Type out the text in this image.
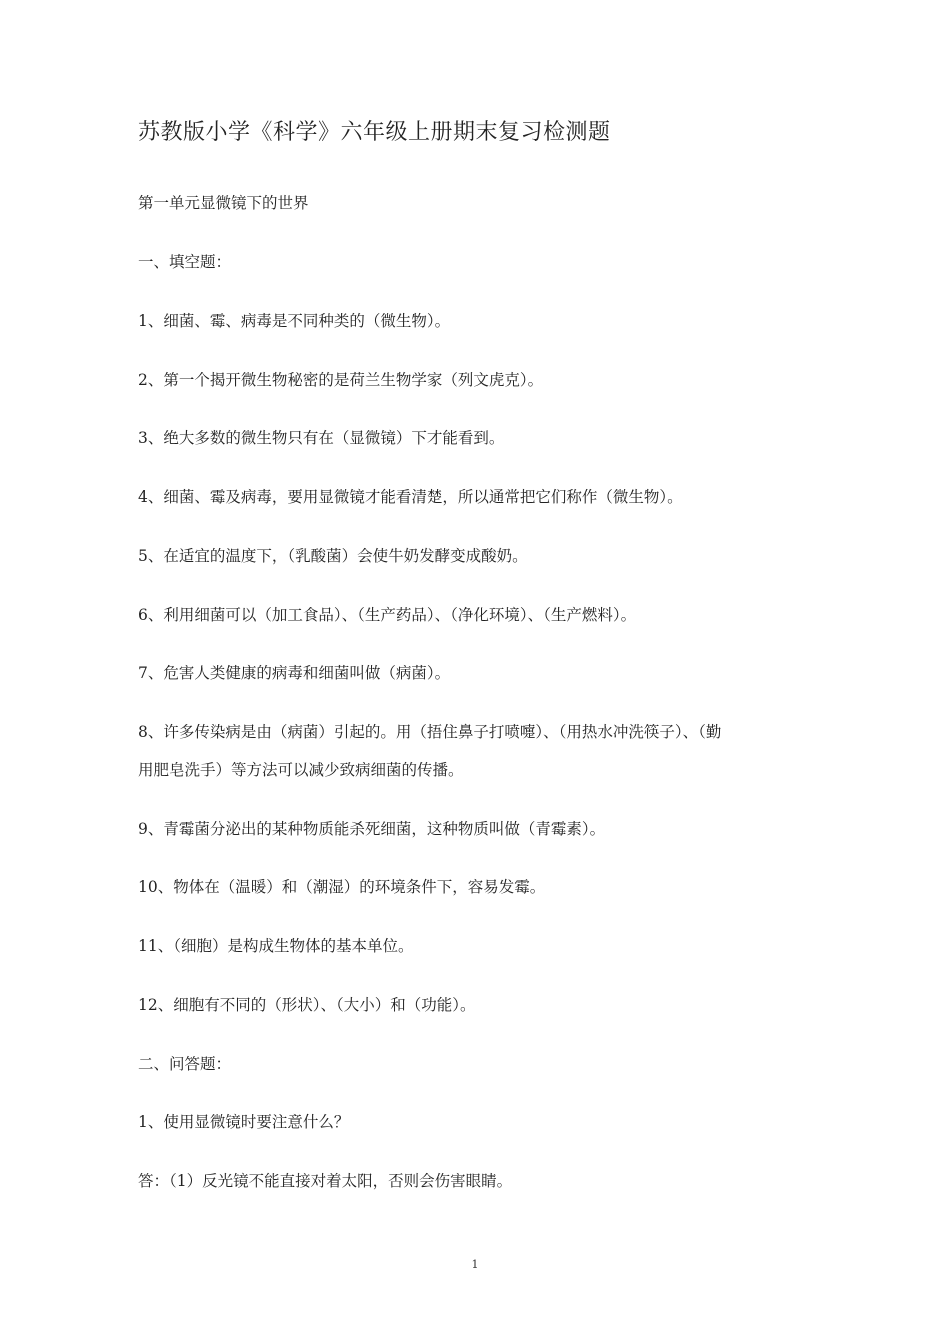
苏教版小学《科学》六年级上册期末复习检测题

第一单元显微镜下的世界

一、填空题：

1、细菌、霉、病毒是不同种类的（微生物）。

2、第一个揭开微生物秘密的是荷兰生物学家（列文虎克）。

3、绝大多数的微生物只有在（显微镜）下才能看到。

4、细菌、霉及病毒，要用显微镜才能看清楚，所以通常把它们称作（微生物）。

5、在适宜的温度下，（乳酸菌）会使牛奶发酵变成酸奶。

6、利用细菌可以（加工食品）、（生产药品）、（净化环境）、（生产燃料）。

7、危害人类健康的病毒和细菌叫做（病菌）。

8、许多传染病是由（病菌）引起的。用（捂住鼻子打喷嚏）、（用热水冲洗筷子）、（勤

用肥皂洗手）等方法可以减少致病细菌的传播。

9、青霉菌分泌出的某种物质能杀死细菌，这种物质叫做（青霉素）。

10、物体在（温暖）和（潮湿）的环境条件下，容易发霉。

11、（细胞）是构成生物体的基本单位。

12、细胞有不同的（形状）、（大小）和（功能）。

二、问答题：

1、使用显微镜时要注意什么？

答：（1）反光镜不能直接对着太阳，否则会伤害眼睛。

1
